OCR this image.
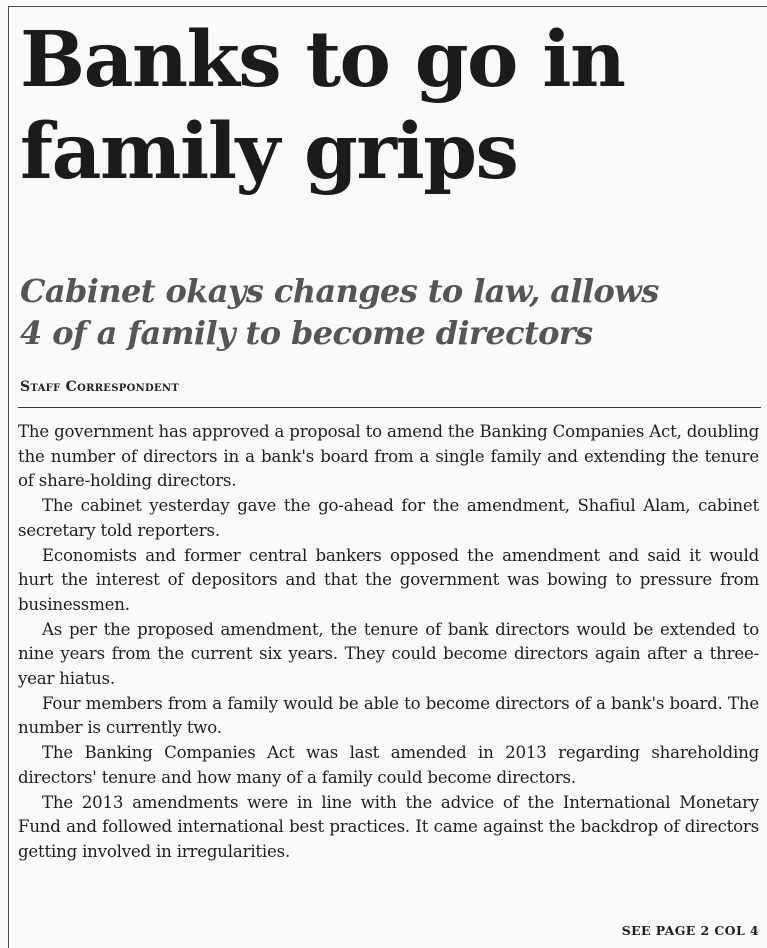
Banks to go in
family grips
Cabinet okays changes to law, allows
4 of a family to become directors
Staff Correspondent

The government has approved a proposal to amend the Banking Companies Act, doubling the number of directors in a bank's board from a single family and extending the tenure of share-holding directors.

The cabinet yesterday gave the go-ahead for the amendment, Shafiul Alam, cabinet secretary told reporters.

Economists and former central bankers opposed the amendment and said it would hurt the interest of depositors and that the government was bowing to pressure from businessmen.

As per the proposed amendment, the tenure of bank directors would be extended to nine years from the current six years. They could become directors again after a three-year hiatus.

Four members from a family would be able to become directors of a bank's board. The number is currently two.

The Banking Companies Act was last amended in 2013 regarding shareholding directors' tenure and how many of a family could become directors.

The 2013 amendments were in line with the advice of the International Monetary Fund and followed international best practices. It came against the backdrop of directors getting involved in irregularities.

SEE PAGE 2 COL 4
